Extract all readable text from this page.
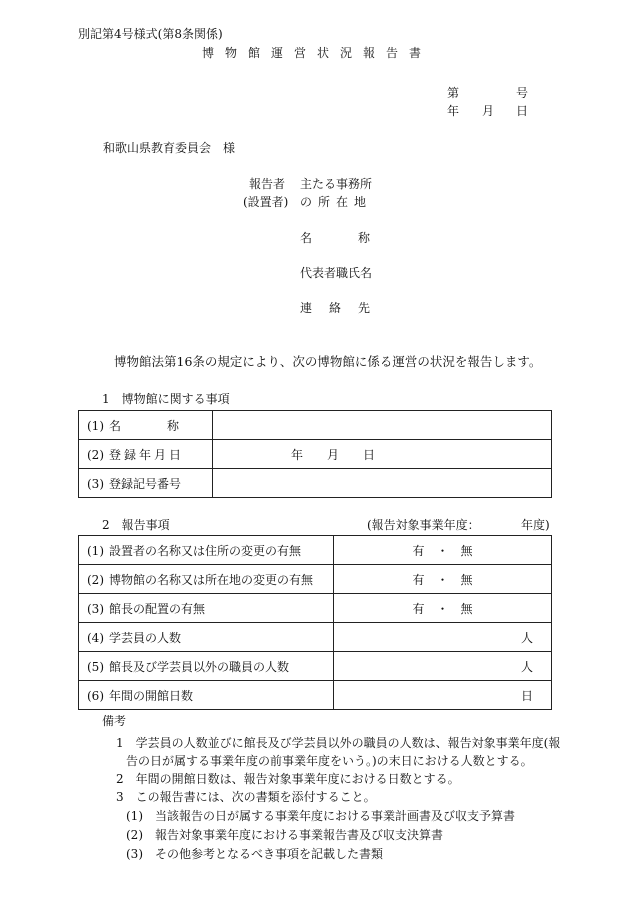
別記第4号様式(第8条関係)
博物館運営状況報告書
第	号
年 月 日
和歌山県教育委員会　様
報告者 主たる事務所
(設置者) の所在地
名称
代表者職氏名
連絡先
博物館法第16条の規定により、次の博物館に係る運営の状況を報告します。
1　博物館に関する事項
(1) 名称	
(2) 登録年月日	年 月 日
(3) 登録記号番号	
2　報告事項	(報告対象事業年度：	年度)
(1) 設置者の名称又は住所の変更の有無	有　・　無
(2) 博物館の名称又は所在地の変更の有無	有　・　無
(3) 館長の配置の有無	有　・　無
(4) 学芸員の人数	人
(5) 館長及び学芸員以外の職員の人数	人
(6) 年間の開館日数	日
備考
1　学芸員の人数並びに館長及び学芸員以外の職員の人数は、報告対象事業年度(報
告の日が属する事業年度の前事業年度をいう。)の末日における人数とする。
2　年間の開館日数は、報告対象事業年度における日数とする。
3　この報告書には、次の書類を添付すること。
(1)　当該報告の日が属する事業年度における事業計画書及び収支予算書
(2)　報告対象事業年度における事業報告書及び収支決算書
(3)　その他参考となるべき事項を記載した書類
